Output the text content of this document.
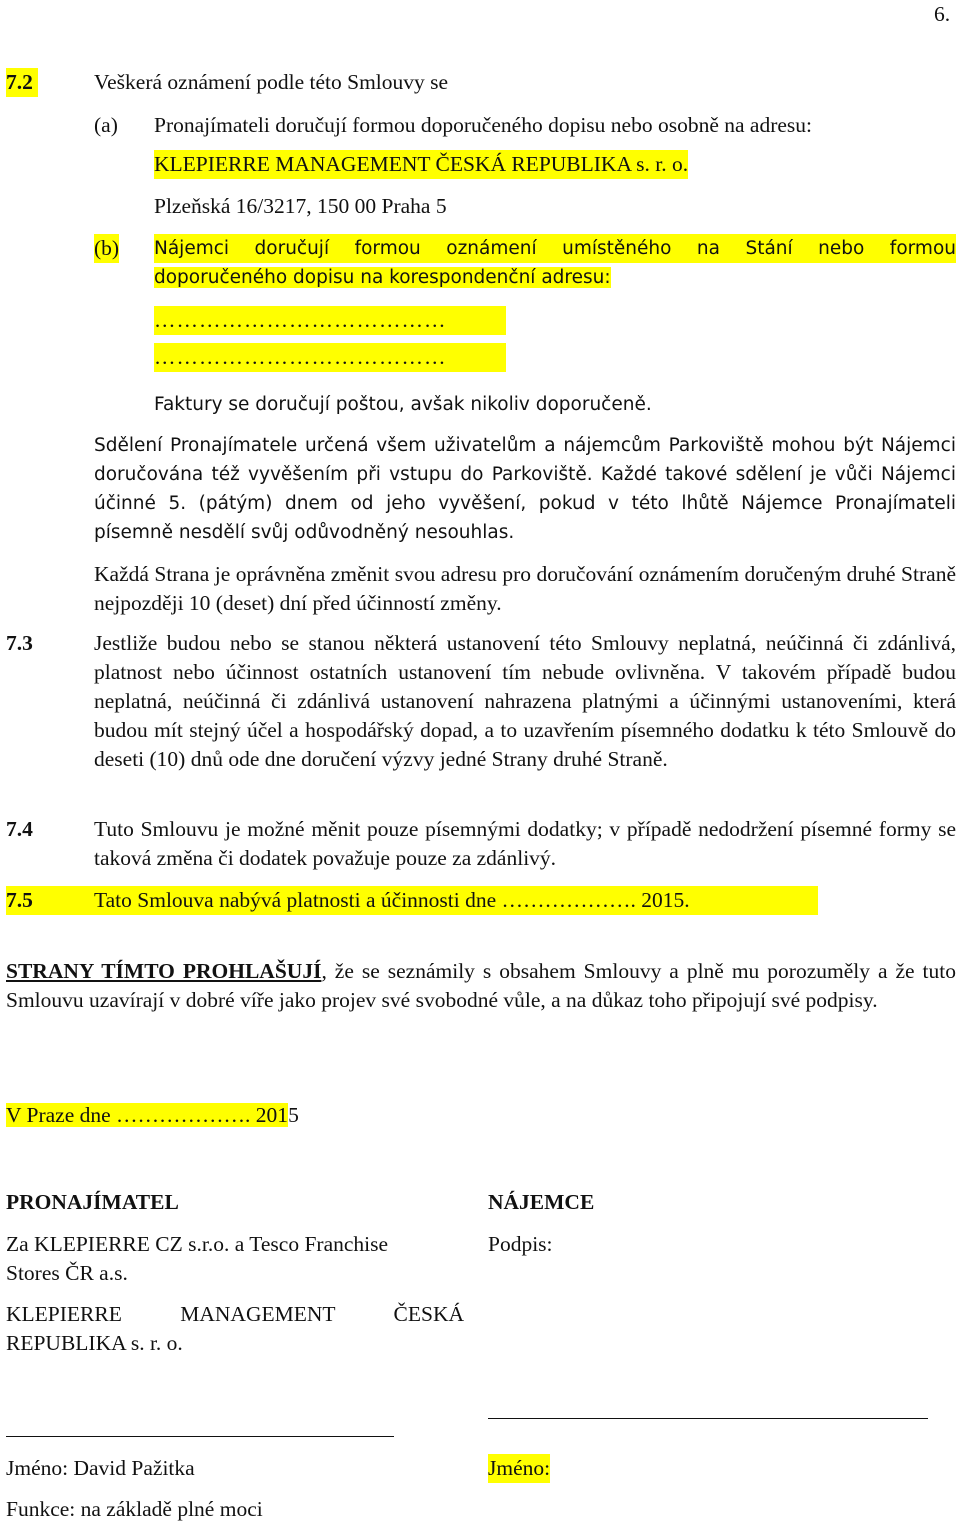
6.
7.2	Veškerá oznámení podle této Smlouvy se
(a) Pronajímateli doručují formou doporučeného dopisu nebo osobně na adresu:
KLEPIERRE MANAGEMENT ČESKÁ REPUBLIKA s. r. o.
Plzeňská 16/3217, 150 00 Praha 5
(b) Nájemci doručují formou oznámení umístěného na Stání nebo formou
doporučeného dopisu na korespondenční adresu:
…………………………………
…………………………………
Faktury se doručují poštou, avšak nikoliv doporučeně.
Sdělení Pronajímatele určená všem uživatelům a nájemcům Parkoviště mohou být Nájemci doručována též vyvěšením při vstupu do Parkoviště. Každé takové sdělení je vůči Nájemci účinné 5. (pátým) dnem od jeho vyvěšení, pokud v této lhůtě Nájemce Pronajímateli písemně nesdělí svůj odůvodněný nesouhlas.
Každá Strana je oprávněna změnit svou adresu pro doručování oznámením doručeným druhé Straně nejpozději 10 (deset) dní před účinností změny.
7.3	Jestliže budou nebo se stanou některá ustanovení této Smlouvy neplatná, neúčinná či zdánlivá, platnost nebo účinnost ostatních ustanovení tím nebude ovlivněna. V takovém případě budou neplatná, neúčinná či zdánlivá ustanovení nahrazena platnými a účinnými ustanoveními, která budou mít stejný účel a hospodářský dopad, a to uzavřením písemného dodatku k této Smlouvě do deseti (10) dnů ode dne doručení výzvy jedné Strany druhé Straně.
7.4	Tuto Smlouvu je možné měnit pouze písemnými dodatky; v případě nedodržení písemné formy se taková změna či dodatek považuje pouze za zdánlivý.
7.5	Tato Smlouva nabývá platnosti a účinnosti dne ………………. 2015.
STRANY TÍMTO PROHLAŠUJÍ, že se seznámily s obsahem Smlouvy a plně mu porozuměly a že tuto Smlouvu uzavírají v dobré víře jako projev své svobodné vůle, a na důkaz toho připojují své podpisy.
V Praze dne ………………. 2015
PRONAJÍMATEL
Za KLEPIERRE CZ s.r.o. a Tesco Franchise
Stores ČR a.s.
KLEPIERRE MANAGEMENT ČESKÁ
REPUBLIKA s. r. o.
Jméno: David Pažitka
Funkce: na základě plné moci
NÁJEMCE
Podpis:
Jméno:
